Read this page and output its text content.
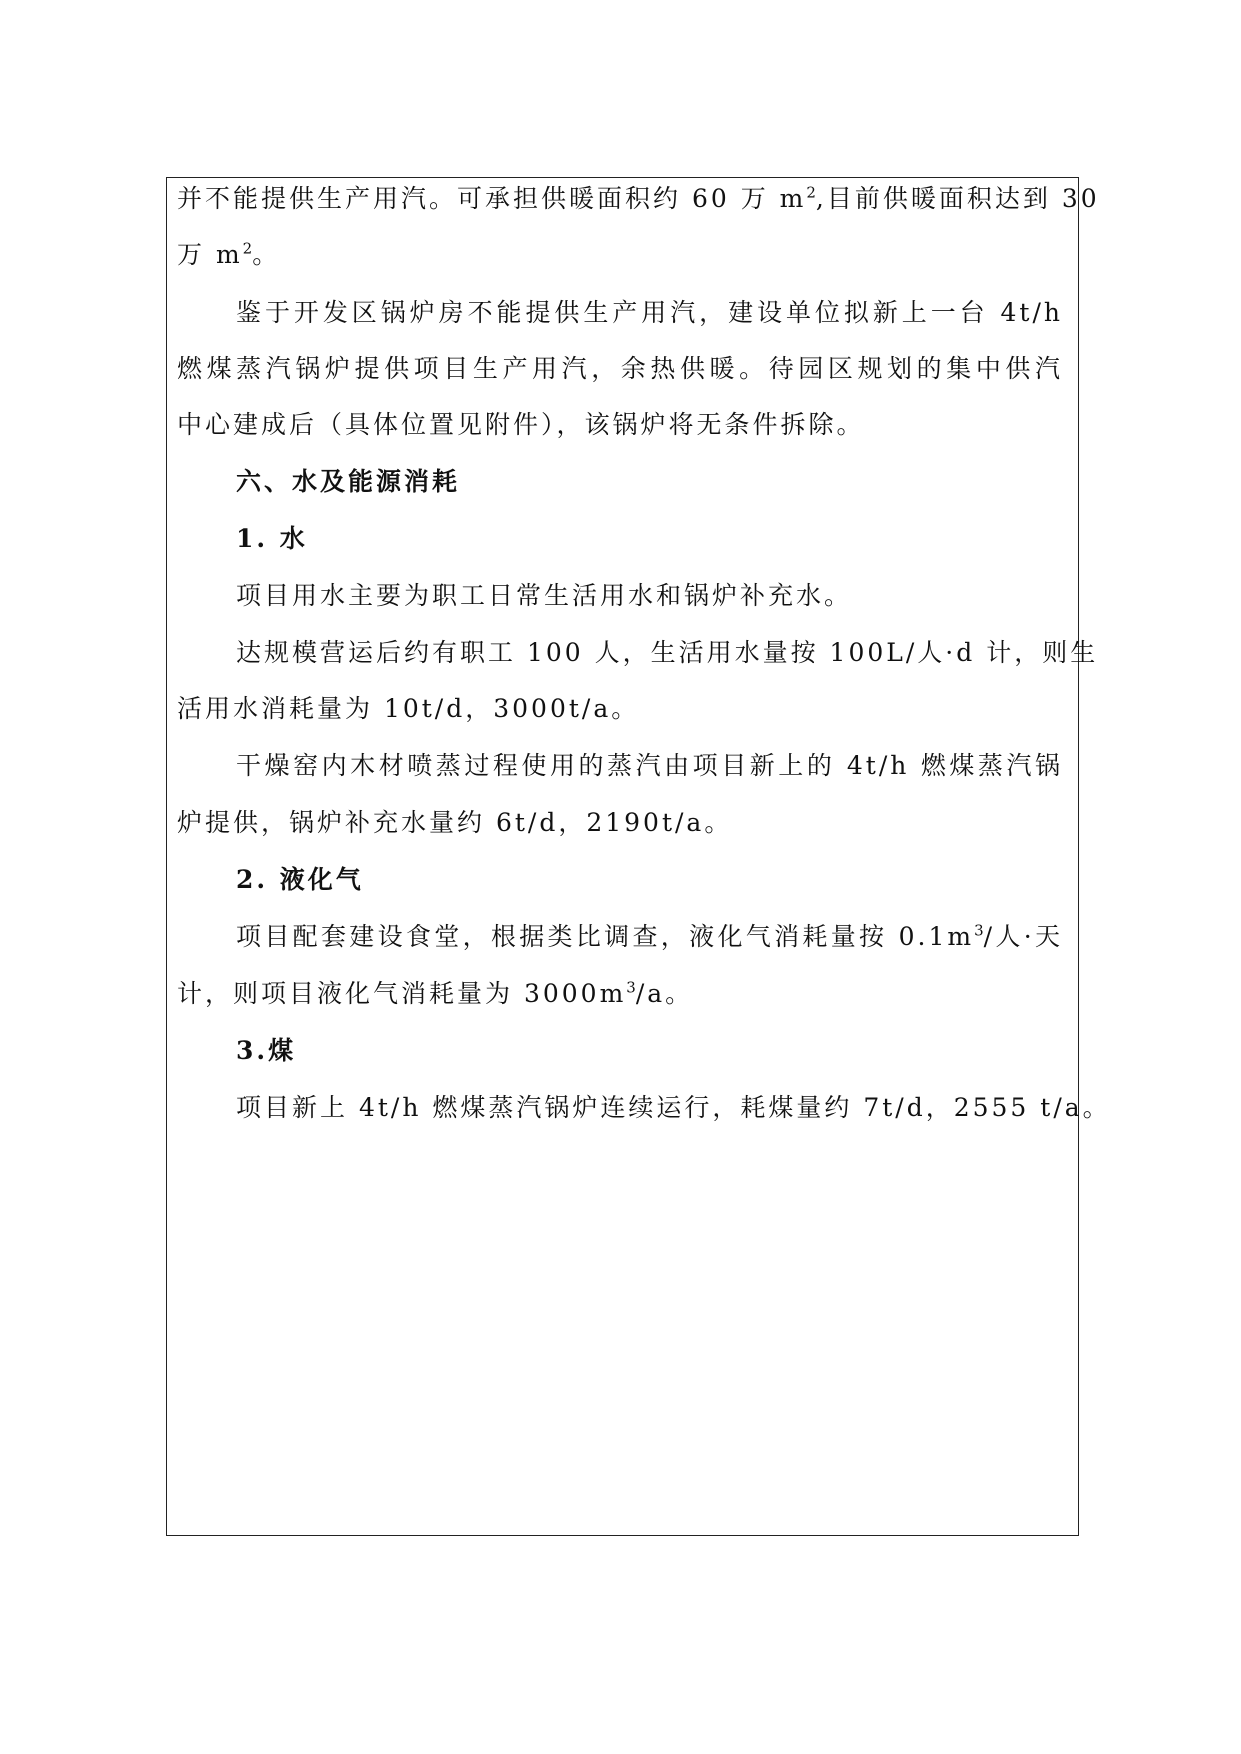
并不能提供生产用汽。可承担供暖面积约 60 万 $m^2$,目前供暖面积达到 30
万 $m^2$。
鉴于开发区锅炉房不能提供生产用汽，建设单位拟新上一台 4t/h
燃煤蒸汽锅炉提供项目生产用汽，余热供暖。待园区规划的集中供汽
中心建成后（具体位置见附件），该锅炉将无条件拆除。
六、水及能源消耗
1. 水
项目用水主要为职工日常生活用水和锅炉补充水。
达规模营运后约有职工 100 人，生活用水量按 100L/人·d 计，则生
活用水消耗量为 10t/d，3000t/a。
干燥窑内木材喷蒸过程使用的蒸汽由项目新上的 4t/h 燃煤蒸汽锅
炉提供，锅炉补充水量约 6t/d，2190t/a。
2. 液化气
项目配套建设食堂，根据类比调查，液化气消耗量按 $0.1m^3/$人·天
计，则项目液化气消耗量为 $3000m^3/a$。
3.煤
项目新上 4t/h 燃煤蒸汽锅炉连续运行，耗煤量约 7t/d，2555 t/a。
